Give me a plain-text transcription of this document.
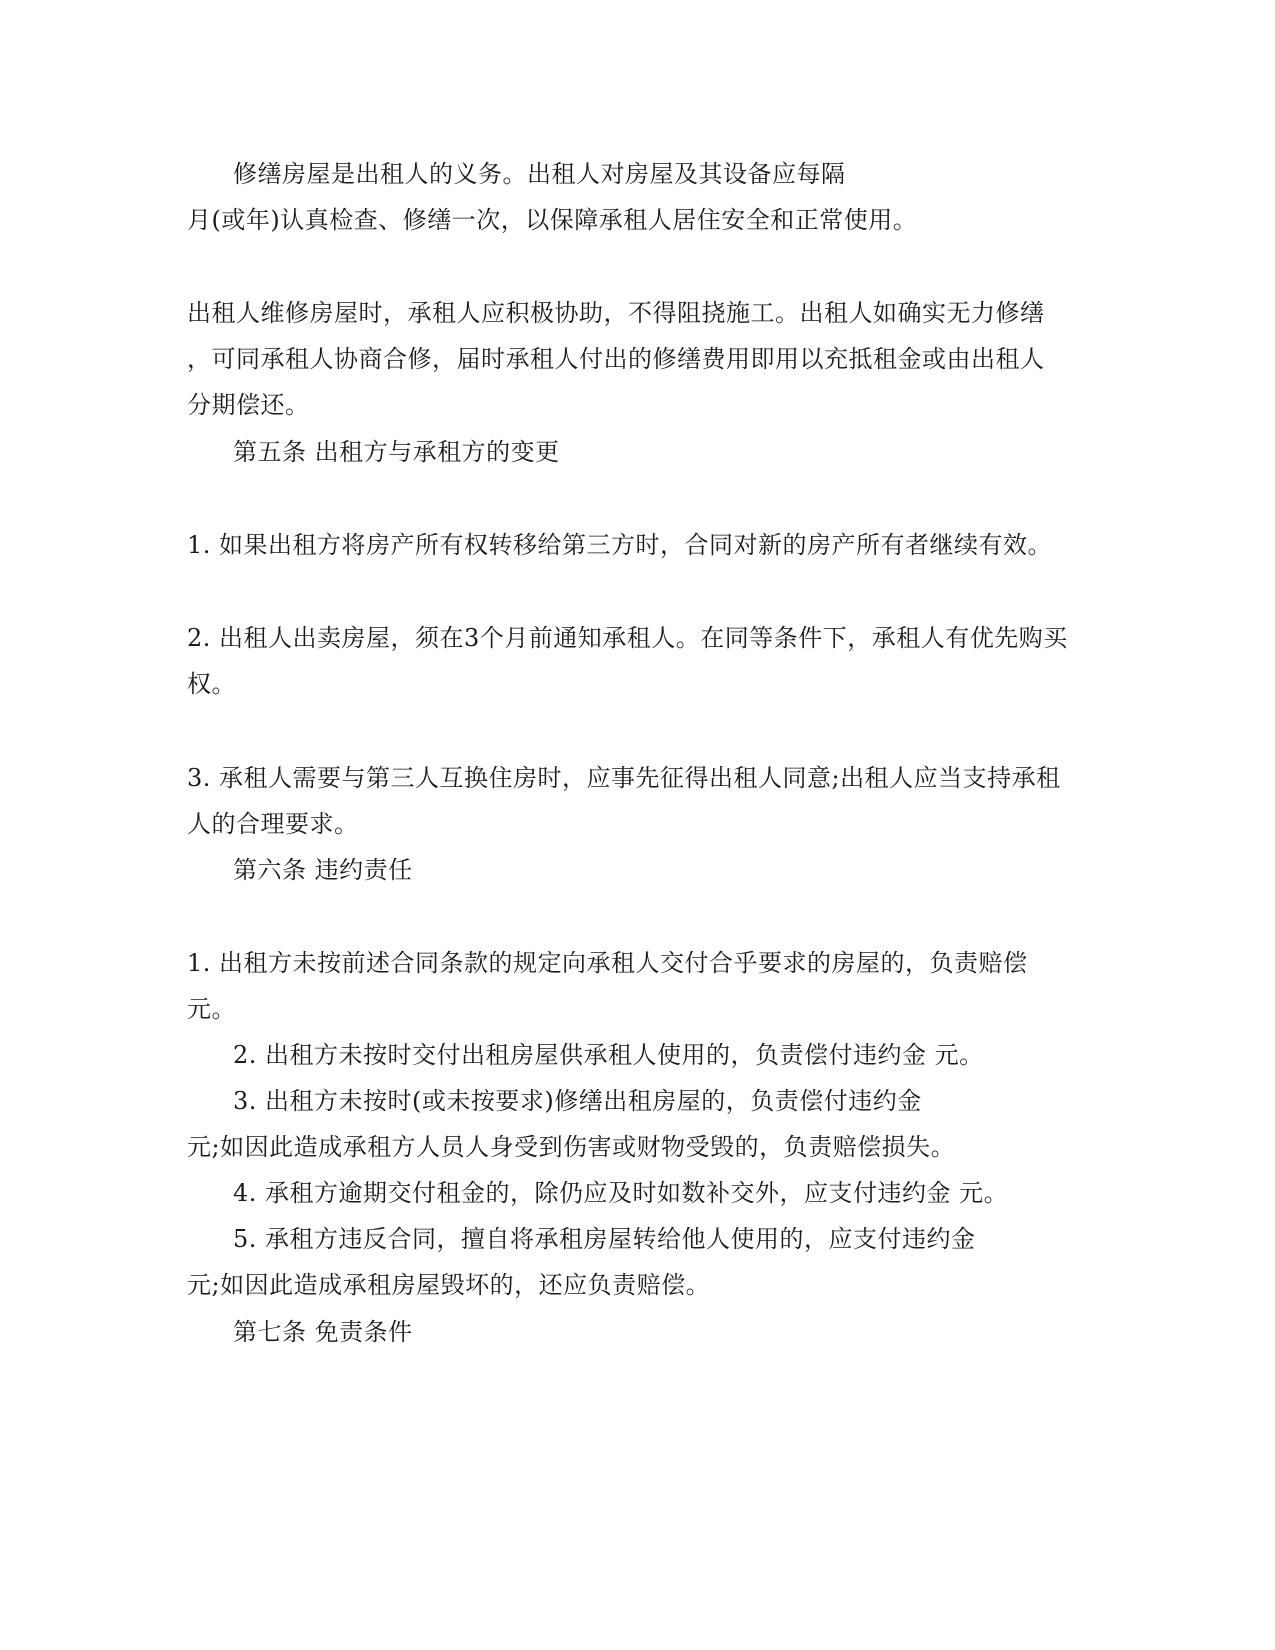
修缮房屋是出租人的义务。出租人对房屋及其设备应每隔
月(或年)认真检查、修缮一次，以保障承租人居住安全和正常使用。
出租人维修房屋时，承租人应积极协助，不得阻挠施工。出租人如确实无力修缮
，可同承租人协商合修，届时承租人付出的修缮费用即用以充抵租金或由出租人
分期偿还。
第五条 出租方与承租方的变更
1. 如果出租方将房产所有权转移给第三方时，合同对新的房产所有者继续有效。
2. 出租人出卖房屋，须在3个月前通知承租人。在同等条件下，承租人有优先购买
权。
3. 承租人需要与第三人互换住房时，应事先征得出租人同意;出租人应当支持承租
人的合理要求。
第六条 违约责任
1. 出租方未按前述合同条款的规定向承租人交付合乎要求的房屋的，负责赔偿
元。
2. 出租方未按时交付出租房屋供承租人使用的，负责偿付违约金 元。
3. 出租方未按时(或未按要求)修缮出租房屋的，负责偿付违约金
元;如因此造成承租方人员人身受到伤害或财物受毁的，负责赔偿损失。
4. 承租方逾期交付租金的，除仍应及时如数补交外，应支付违约金 元。
5. 承租方违反合同，擅自将承租房屋转给他人使用的，应支付违约金
元;如因此造成承租房屋毁坏的，还应负责赔偿。
第七条 免责条件
